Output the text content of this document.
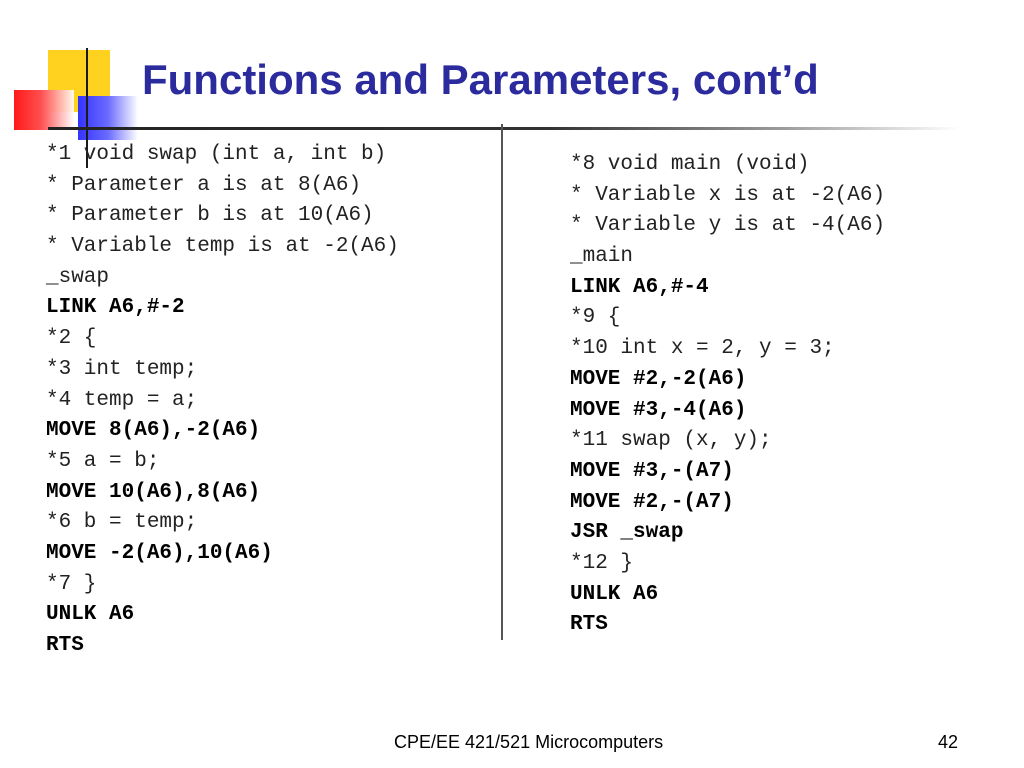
Functions and Parameters, cont’d
*1 void swap (int a, int b)
* Parameter a is at 8(A6)
* Parameter b is at 10(A6)
* Variable temp is at -2(A6)
_swap
LINK A6,#-2
*2 {
*3 int temp;
*4 temp = a;
MOVE 8(A6),-2(A6)
*5 a = b;
MOVE 10(A6),8(A6)
*6 b = temp;
MOVE -2(A6),10(A6)
*7 }
UNLK A6
RTS
*8 void main (void)
* Variable x is at -2(A6)
* Variable y is at -4(A6)
_main
LINK A6,#-4
*9 {
*10 int x = 2, y = 3;
MOVE #2,-2(A6)
MOVE #3,-4(A6)
*11 swap (x, y);
MOVE #3,-(A7)
MOVE #2,-(A7)
JSR _swap
*12 }
UNLK A6
RTS
CPE/EE 421/521 Microcomputers	42
